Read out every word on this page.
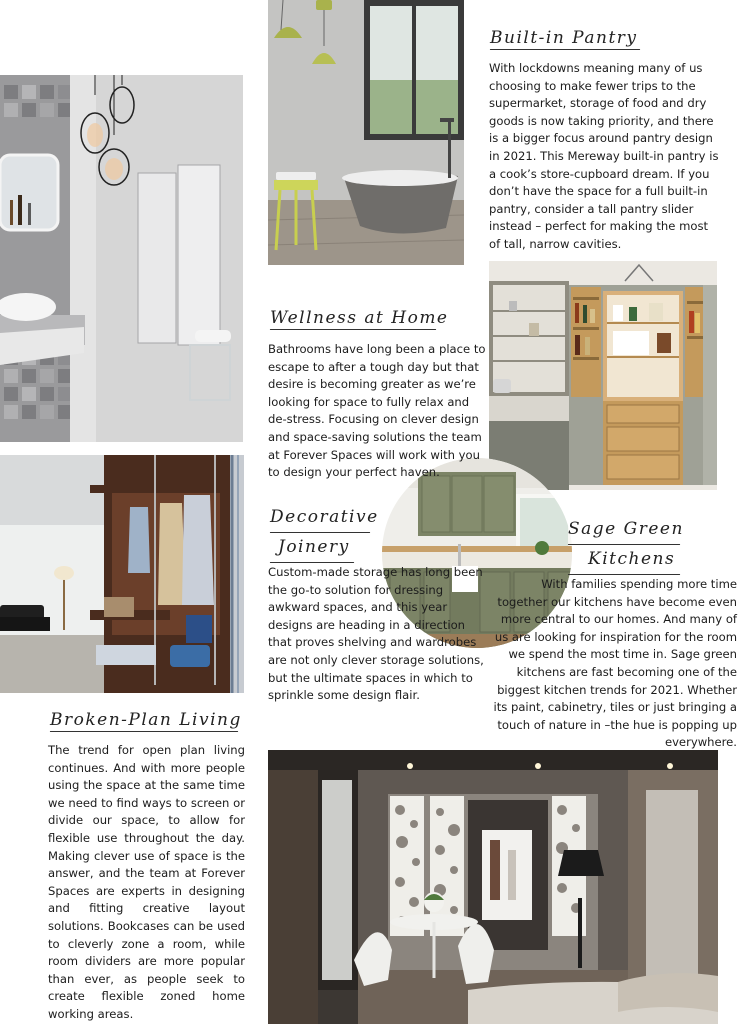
Built-in Pantry

With lockdowns meaning many of us choosing to make fewer trips to the supermarket, storage of food and dry goods is now taking priority, and there is a bigger focus around pantry design in 2021. This Mereway built-in pantry is a cook’s store-cupboard dream. If you don’t have the space for a full built-in pantry, consider a tall pantry slider instead – perfect for making the most of tall, narrow cavities.

Wellness at Home

Bathrooms have long been a place to escape to after a tough day but that desire is becoming greater as we’re looking for space to fully relax and de-stress. Focusing on clever design and space-saving solutions the team at Forever Spaces will work with you to design your perfect haven.

Decorative
Joinery

Custom-made storage has long been the go-to solution for dressing awkward spaces, and this year designs are heading in a direction that proves shelving and wardrobes are not only clever storage solutions, but the ultimate spaces in which to sprinkle some design flair.

Sage Green
Kitchens

With families spending more time together our kitchens have become even more central to our homes. And many of us are looking for inspiration for the room we spend the most time in. Sage green kitchens are fast becoming one of the biggest kitchen trends for 2021. Whether its paint, cabinetry, tiles or just bringing a touch of nature in –the hue is popping up everywhere.

Broken-Plan Living

The trend for open plan living continues. And with more people using the space at the same time we need to find ways to screen or divide our space, to allow for flexible use throughout the day. Making clever use of space is the answer, and the team at Forever Spaces are experts in designing and fitting creative layout solutions. Bookcases can be used to cleverly zone a room, while room dividers are more popular than ever, as people seek to create flexible zoned home working areas.
